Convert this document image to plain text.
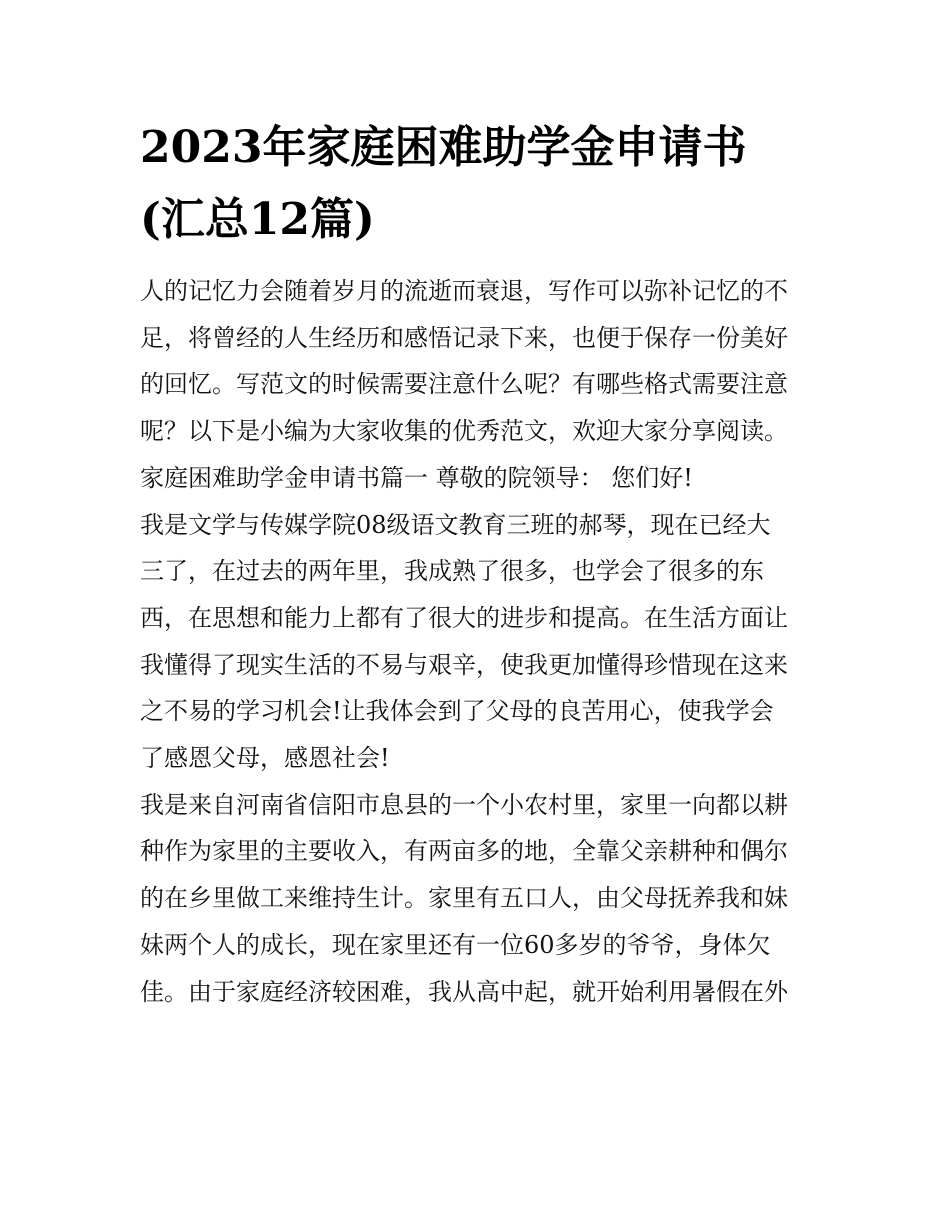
2023年家庭困难助学金申请书
(汇总12篇)

人的记忆力会随着岁月的流逝而衰退，写作可以弥补记忆的不
足，将曾经的人生经历和感悟记录下来，也便于保存一份美好
的回忆。写范文的时候需要注意什么呢？有哪些格式需要注意
呢？以下是小编为大家收集的优秀范文，欢迎大家分享阅读。

家庭困难助学金申请书篇一 尊敬的院领导： 您们好!

我是文学与传媒学院08级语文教育三班的郝琴，现在已经大
三了，在过去的两年里，我成熟了很多，也学会了很多的东
西，在思想和能力上都有了很大的进步和提高。在生活方面让
我懂得了现实生活的不易与艰辛，使我更加懂得珍惜现在这来
之不易的学习机会!让我体会到了父母的良苦用心，使我学会
了感恩父母，感恩社会!

我是来自河南省信阳市息县的一个小农村里，家里一向都以耕
种作为家里的主要收入，有两亩多的地，全靠父亲耕种和偶尔
的在乡里做工来维持生计。家里有五口人，由父母抚养我和妹
妹两个人的成长，现在家里还有一位60多岁的爷爷，身体欠
佳。由于家庭经济较困难，我从高中起，就开始利用暑假在外
